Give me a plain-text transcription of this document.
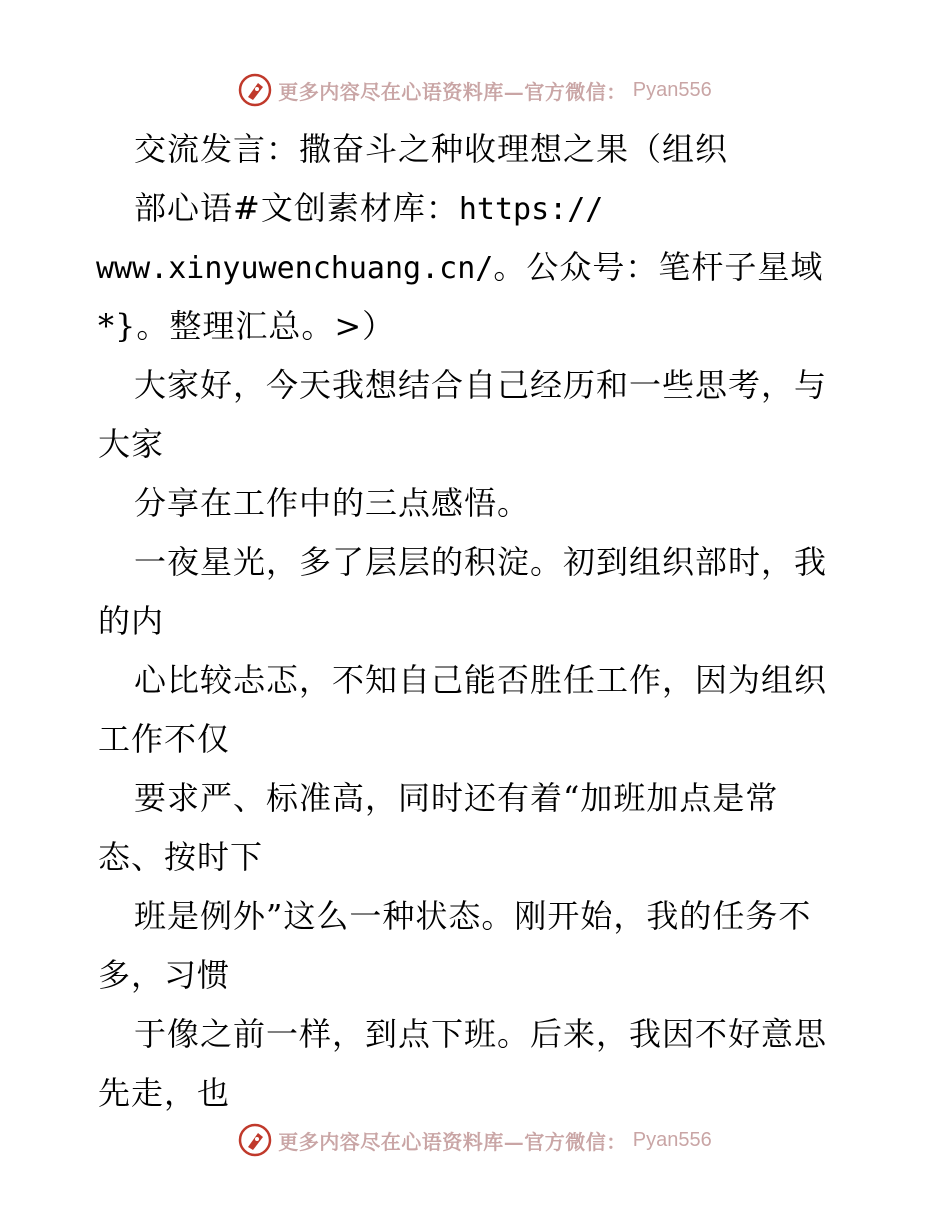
更多内容尽在心语资料库—官方微信： Pyan556
交流发言：撒奋斗之种收理想之果（组织
部心语#文创素材库：https://
www.xinyuwenchuang.cn/。公众号：笔杆子星域
*}。整理汇总。>）
大家好，今天我想结合自己经历和一些思考，与
大家
分享在工作中的三点感悟。
一夜星光，多了层层的积淀。初到组织部时，我
的内
心比较忐忑，不知自己能否胜任工作，因为组织
工作不仅
要求严、标准高，同时还有着“加班加点是常
态、按时下
班是例外”这么一种状态。刚开始，我的任务不
多，习惯
于像之前一样，到点下班。后来，我因不好意思
先走，也
更多内容尽在心语资料库—官方微信： Pyan556
